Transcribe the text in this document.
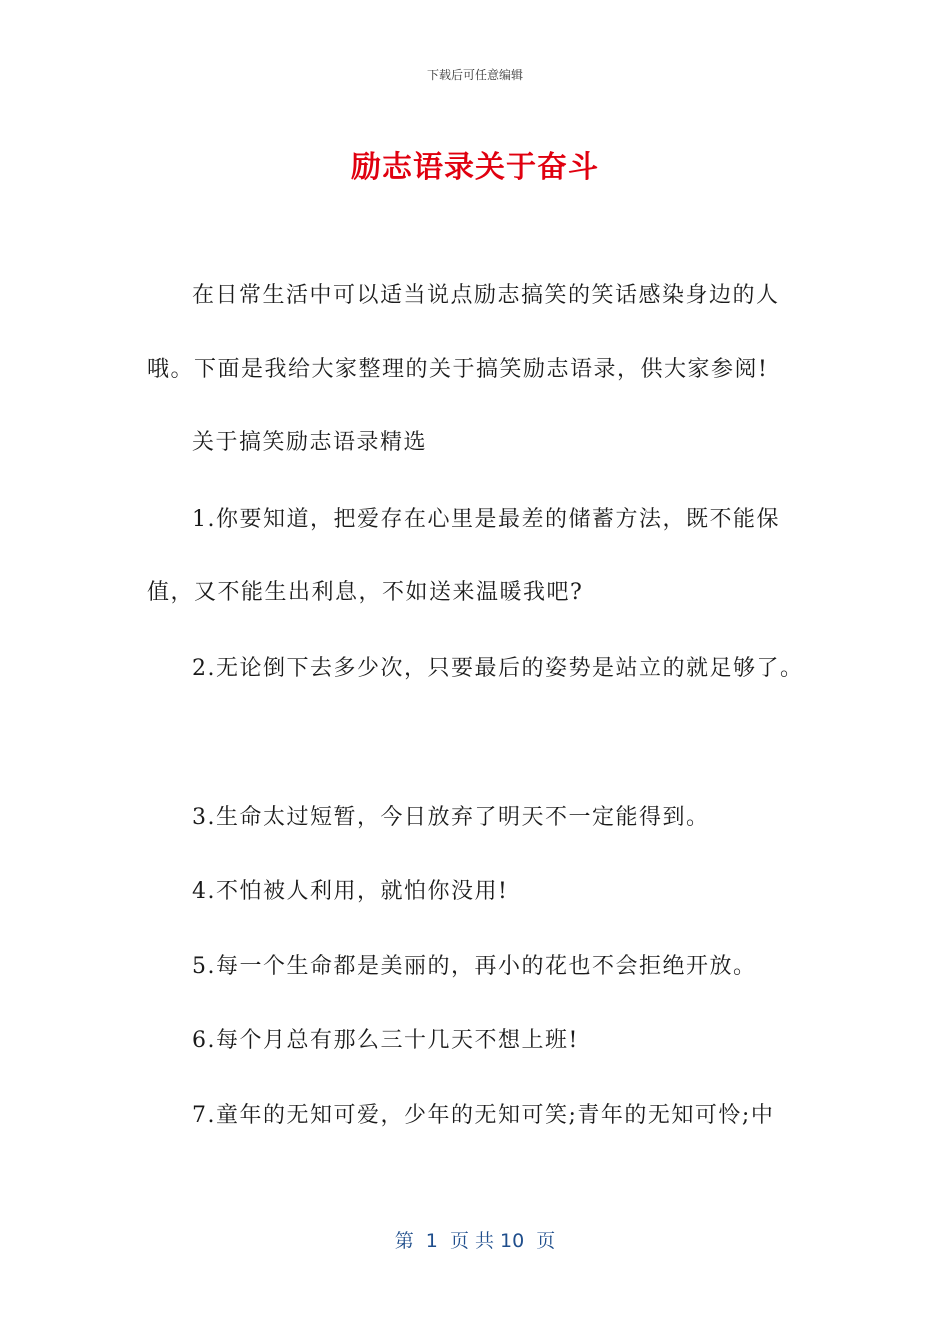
下载后可任意编辑
励志语录关于奋斗
在日常生活中可以适当说点励志搞笑的笑话感染身边的人
哦。下面是我给大家整理的关于搞笑励志语录，供大家参阅!
关于搞笑励志语录精选
1.你要知道，把爱存在心里是最差的储蓄方法，既不能保
值，又不能生出利息，不如送来温暖我吧?
2.无论倒下去多少次，只要最后的姿势是站立的就足够了。
3.生命太过短暂，今日放弃了明天不一定能得到。
4.不怕被人利用，就怕你没用!
5.每一个生命都是美丽的，再小的花也不会拒绝开放。
6.每个月总有那么三十几天不想上班!
7.童年的无知可爱，少年的无知可笑;青年的无知可怜;中
第  1  页 共 10  页
